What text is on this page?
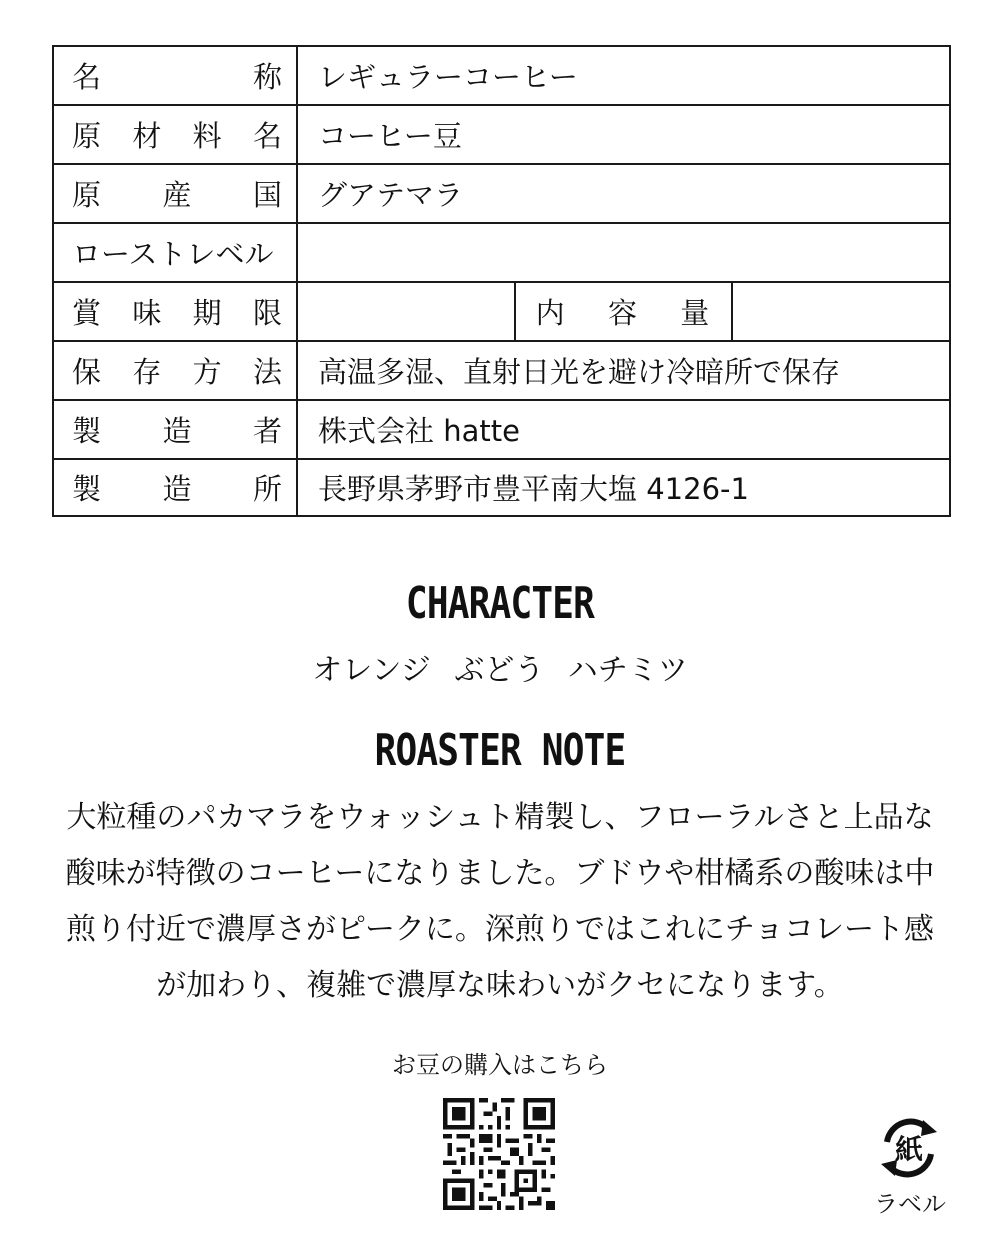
名 称	レギュラーコーヒー		

原 材 料 名	コーヒー豆		

原 産 国	グアテマラ		

ローストレベル			

賞 味 期 限		内 容 量	

保 存 方 法	高温多湿、直射日光を避け冷暗所で保存		

製 造 者	株式会社 hatte		

製 造 所	長野県茅野市豊平南大塩 4126-1		
CHARACTER
オレンジ ぶどう ハチミツ
ROASTER NOTE
大粒種のパカマラをウォッシュト精製し、フローラルさと上品な
酸味が特徴のコーヒーになりました。ブドウや柑橘系の酸味は中
煎り付近で濃厚さがピークに。深煎りではこれにチョコレート感
が加わり、複雑で濃厚な味わいがクセになります。
お豆の購入はこちら
紙
ラベル
